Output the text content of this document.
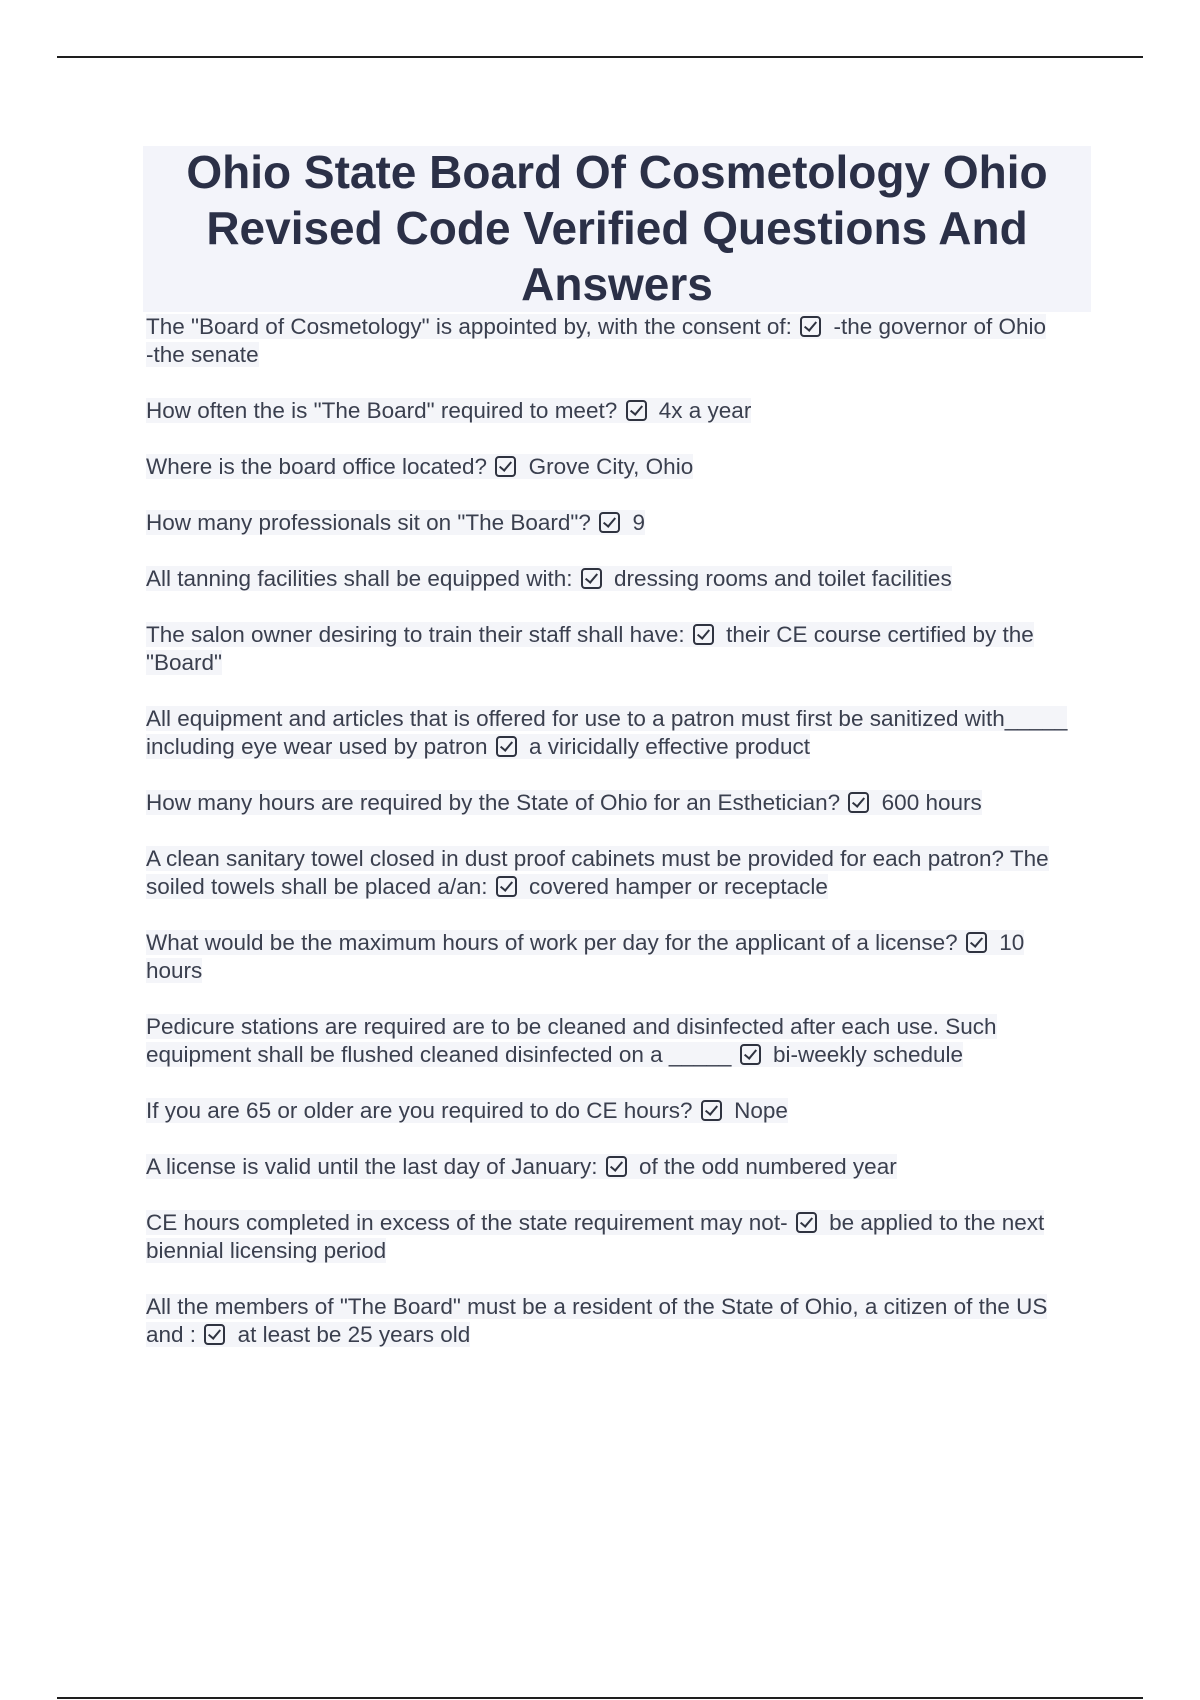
Ohio State Board Of Cosmetology Ohio Revised Code Verified Questions And Answers

The "Board of Cosmetology" is appointed by, with the consent of: -the governor of Ohio
-the senate

How often the is "The Board" required to meet? 4x a year

Where is the board office located? Grove City, Ohio

How many professionals sit on "The Board"? 9

All tanning facilities shall be equipped with: dressing rooms and toilet facilities

The salon owner desiring to train their staff shall have: their CE course certified by the "Board"

All equipment and articles that is offered for use to a patron must first be sanitized with_____ including eye wear used by patron a viricidally effective product

How many hours are required by the State of Ohio for an Esthetician? 600 hours

A clean sanitary towel closed in dust proof cabinets must be provided for each patron? The soiled towels shall be placed a/an: covered hamper or receptacle

What would be the maximum hours of work per day for the applicant of a license? 10 hours

Pedicure stations are required are to be cleaned and disinfected after each use. Such equipment shall be flushed cleaned disinfected on a _____ bi-weekly schedule

If you are 65 or older are you required to do CE hours? Nope

A license is valid until the last day of January: of the odd numbered year

CE hours completed in excess of the state requirement may not- be applied to the next biennial licensing period

All the members of "The Board" must be a resident of the State of Ohio, a citizen of the US and : at least be 25 years old
